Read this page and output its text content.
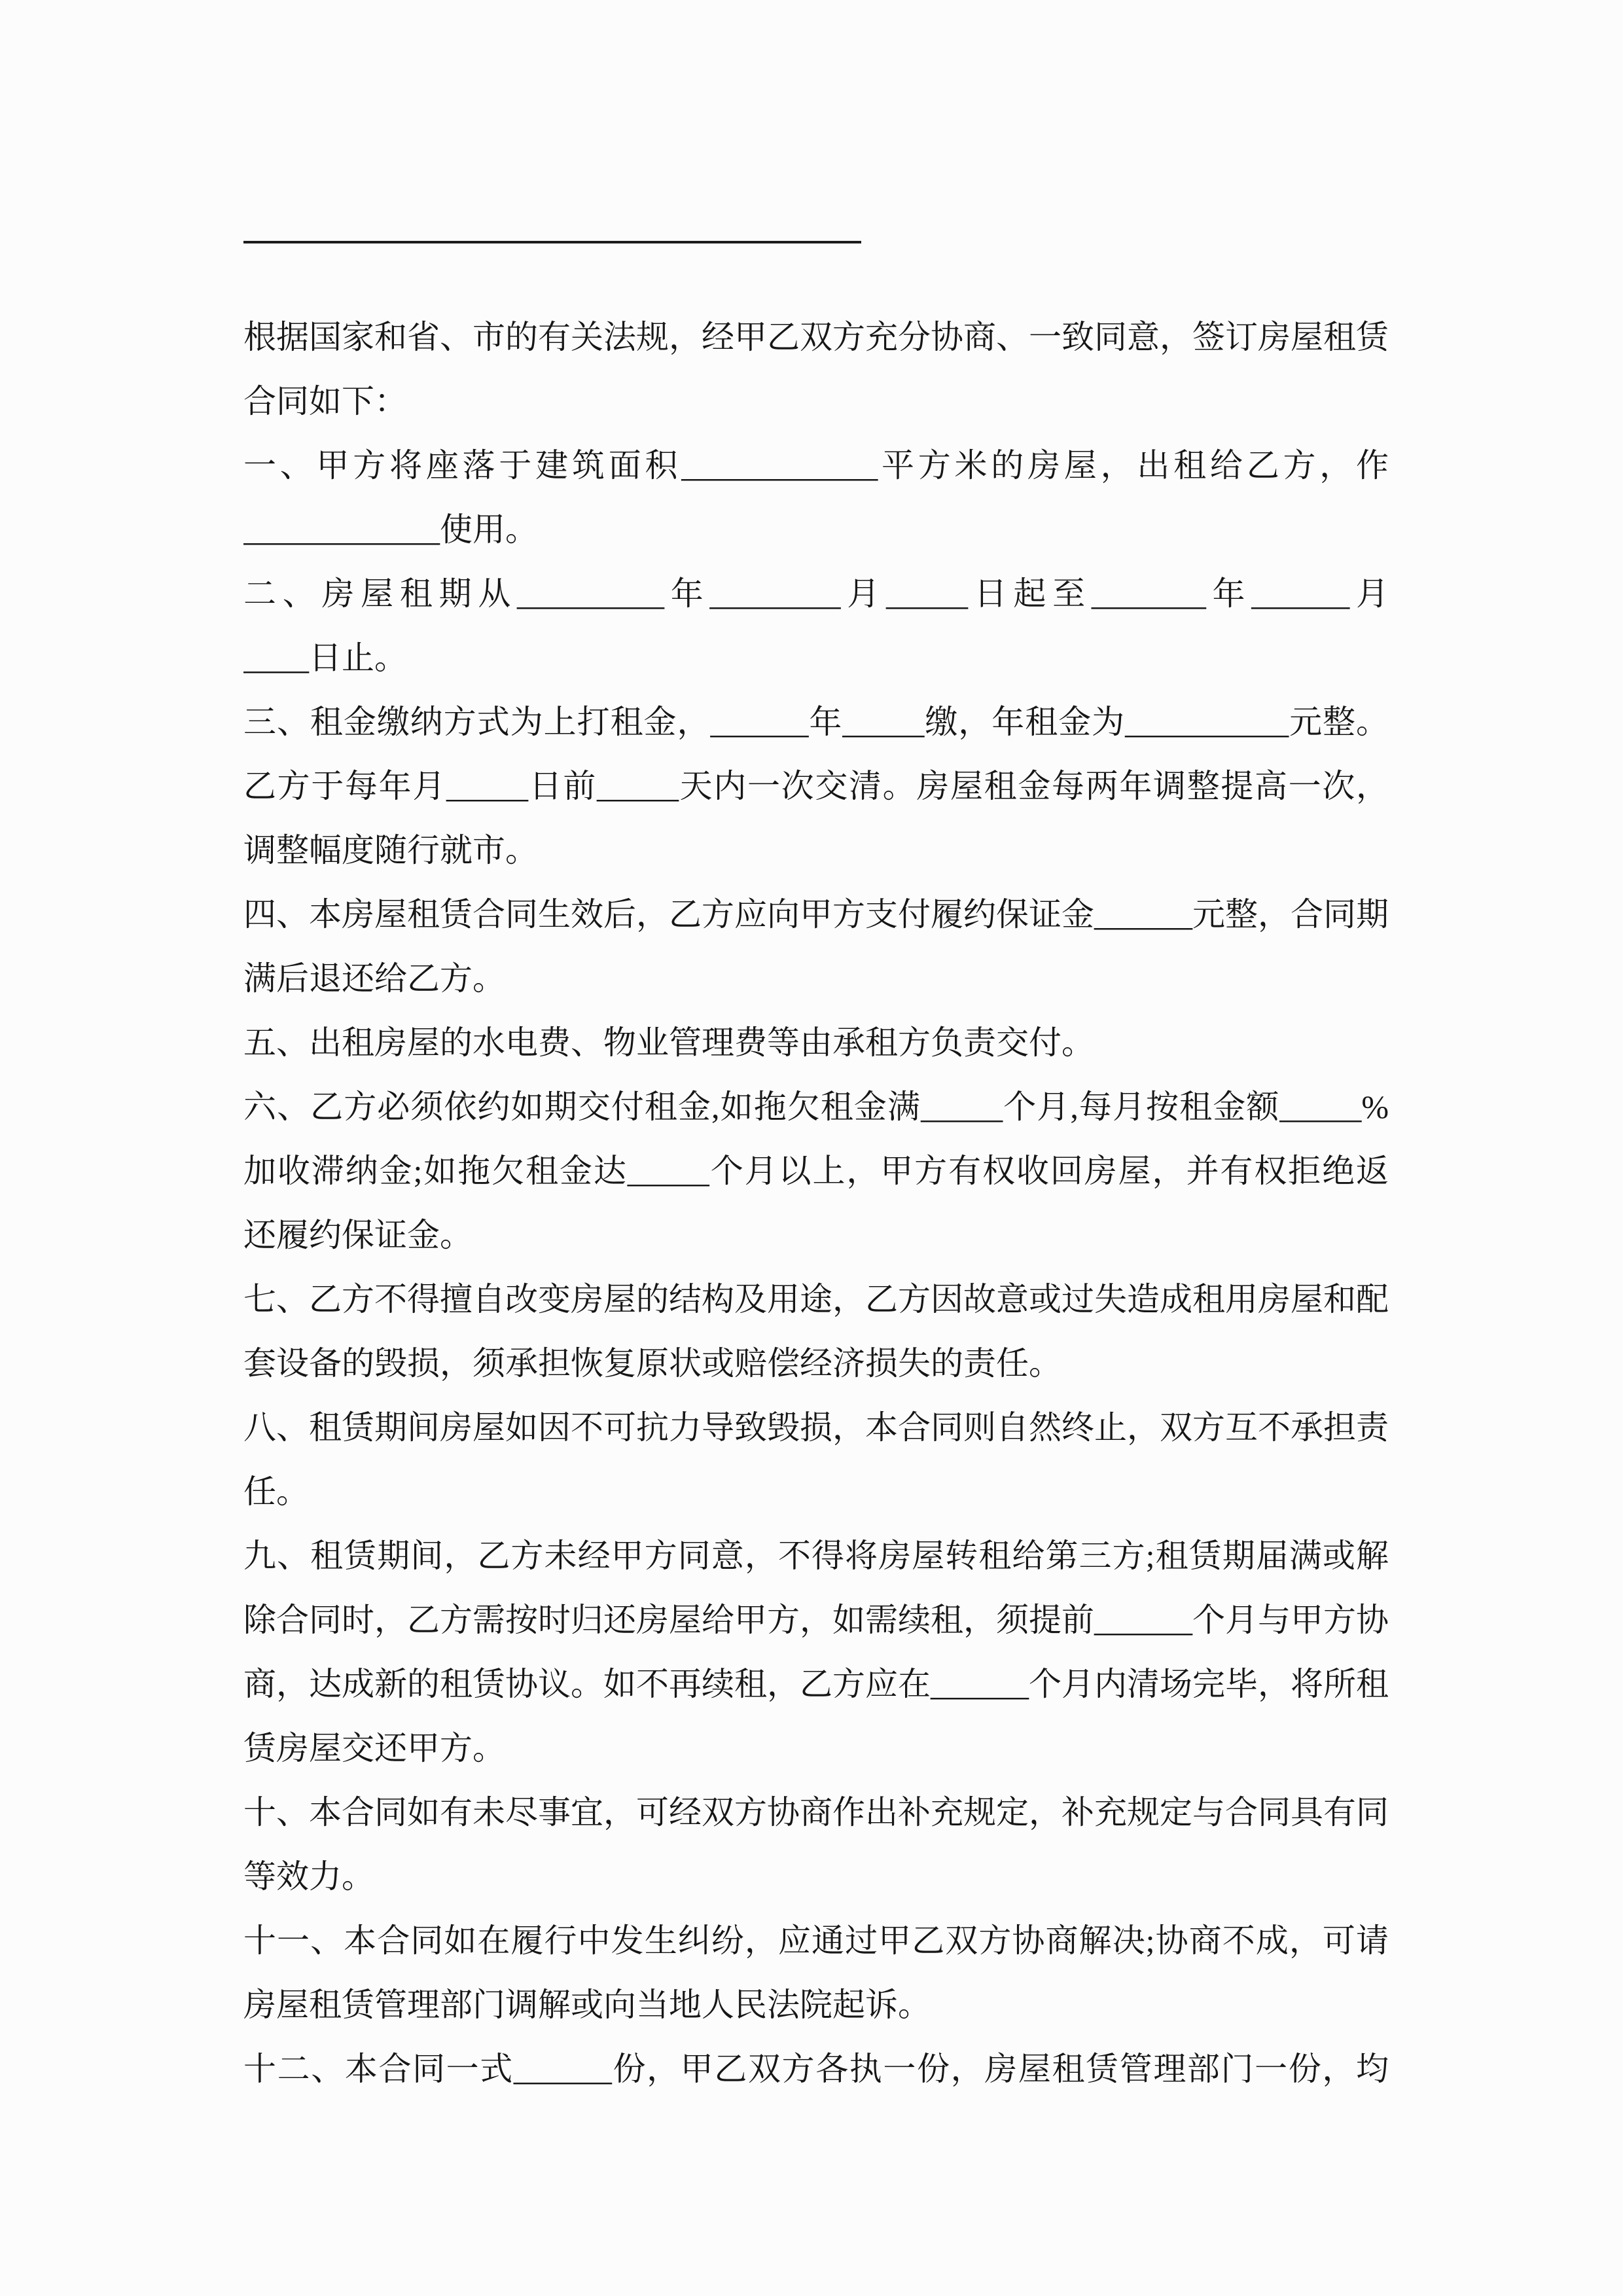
根据国家和省、市的有关法规，经甲乙双方充分协商、一致同意，签订房屋租赁
合同如下：
一、甲方将座落于建筑面积____________平方米的房屋，出租给乙方，作
____________使用。
二、房屋租期从_________年________月_____日起至_______年______月
____日止。
三、租金缴纳方式为上打租金，______年_____缴，年租金为__________元整。
乙方于每年月_____日前_____天内一次交清。房屋租金每两年调整提高一次，
调整幅度随行就市。
四、本房屋租赁合同生效后，乙方应向甲方支付履约保证金______元整，合同期
满后退还给乙方。
五、出租房屋的水电费、物业管理费等由承租方负责交付。
六、乙方必须依约如期交付租金,如拖欠租金满_____个月,每月按租金额_____%
加收滞纳金;如拖欠租金达_____个月以上，甲方有权收回房屋，并有权拒绝返
还履约保证金。
七、乙方不得擅自改变房屋的结构及用途，乙方因故意或过失造成租用房屋和配
套设备的毁损，须承担恢复原状或赔偿经济损失的责任。
八、租赁期间房屋如因不可抗力导致毁损，本合同则自然终止，双方互不承担责
任。
九、租赁期间，乙方未经甲方同意，不得将房屋转租给第三方;租赁期届满或解
除合同时，乙方需按时归还房屋给甲方，如需续租，须提前______个月与甲方协
商，达成新的租赁协议。如不再续租，乙方应在______个月内清场完毕，将所租
赁房屋交还甲方。
十、本合同如有未尽事宜，可经双方协商作出补充规定，补充规定与合同具有同
等效力。
十一、本合同如在履行中发生纠纷，应通过甲乙双方协商解决;协商不成，可请
房屋租赁管理部门调解或向当地人民法院起诉。
十二、本合同一式______份，甲乙双方各执一份，房屋租赁管理部门一份，均
